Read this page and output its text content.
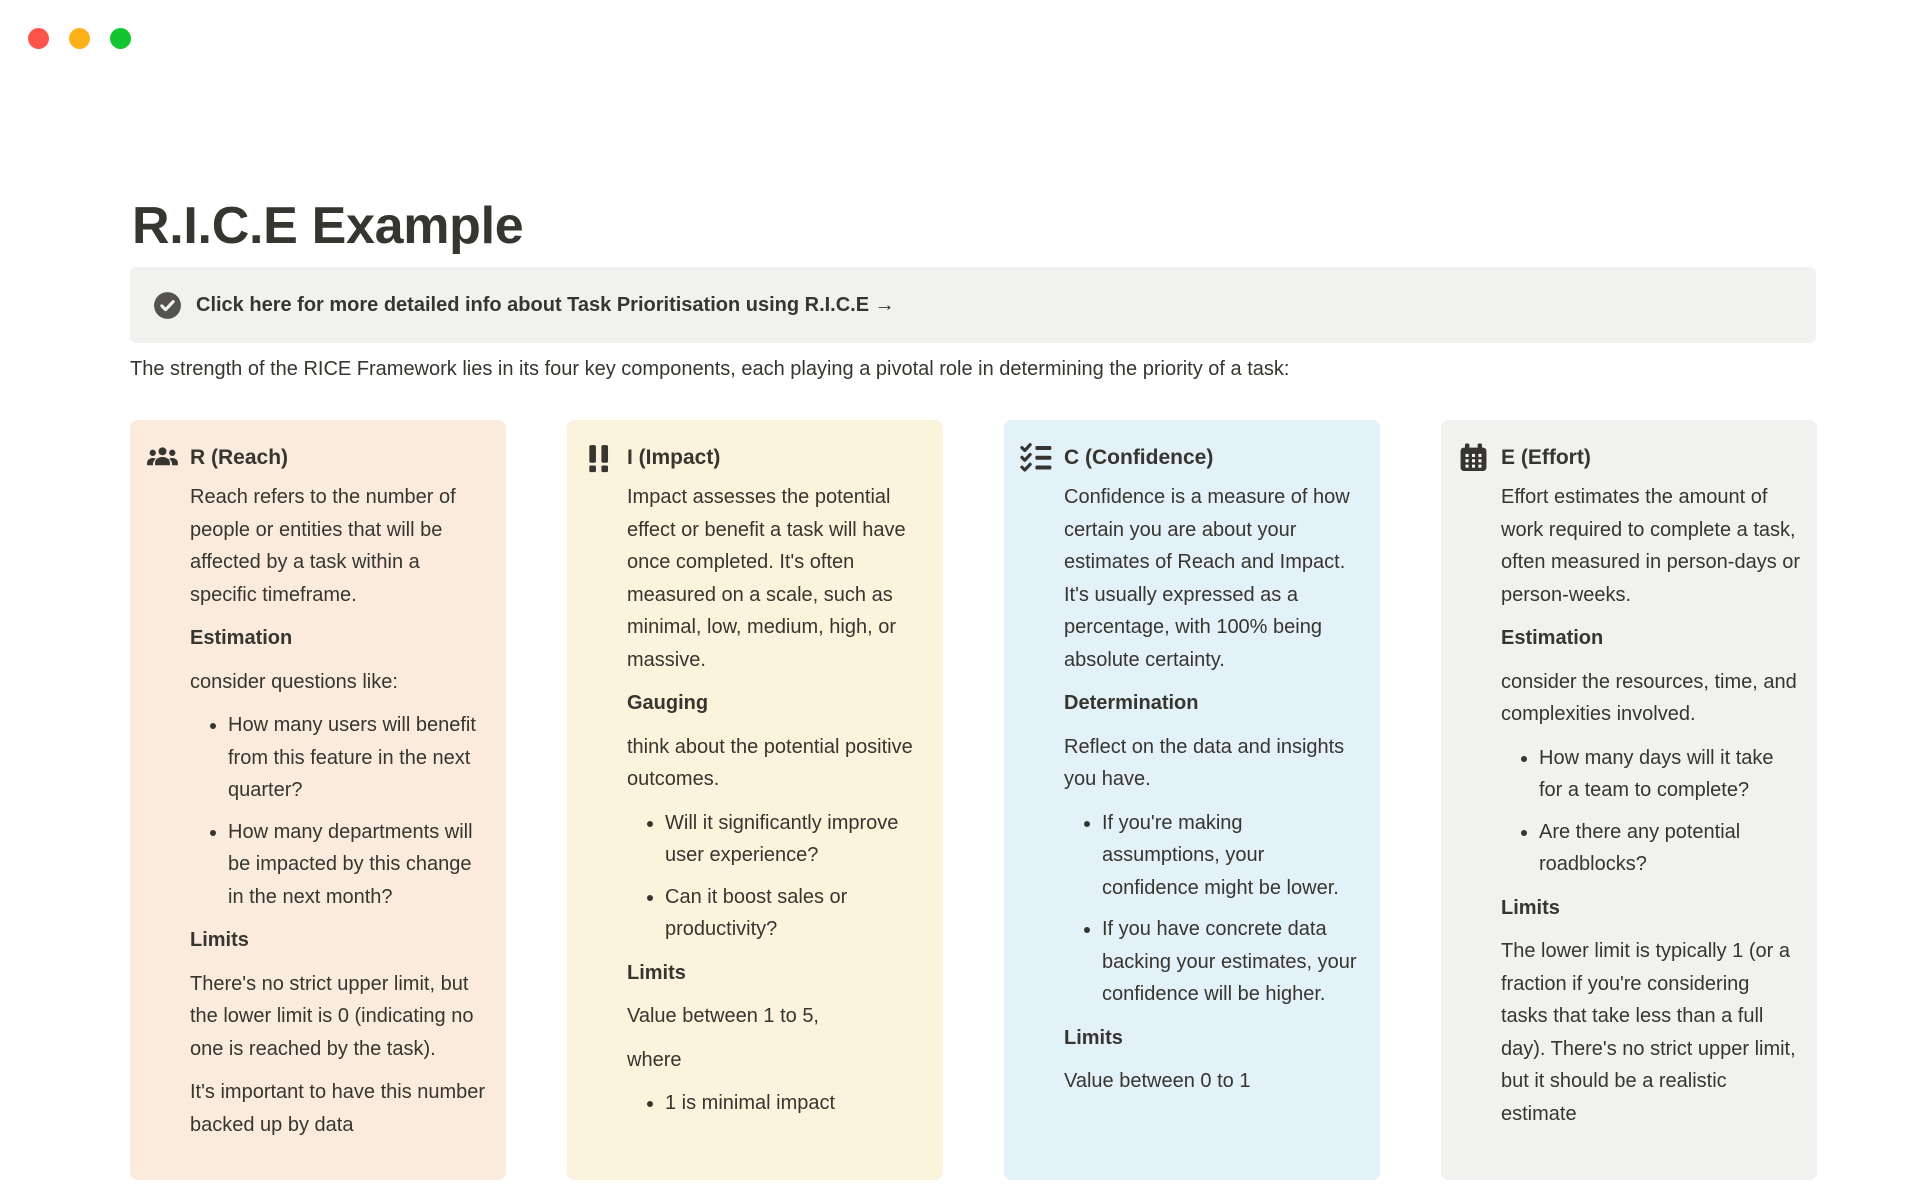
R.I.C.E Example
Click here for more detailed info about Task Prioritisation using R.I.C.E →

The strength of the RICE Framework lies in its four key components, each playing a pivotal role in determining the priority of a task:

R (Reach)
Reach refers to the number of people or entities that will be affected by a task within a specific timeframe.
Estimation
consider questions like:
• How many users will benefit from this feature in the next quarter?
• How many departments will be impacted by this change in the next month?
Limits
There's no strict upper limit, but the lower limit is 0 (indicating no one is reached by the task).
It's important to have this number backed up by data
I (Impact)
Impact assesses the potential effect or benefit a task will have once completed. It's often measured on a scale, such as minimal, low, medium, high, or massive.
Gauging
think about the potential positive outcomes.
• Will it significantly improve user experience?
• Can it boost sales or productivity?
Limits
Value between 1 to 5,
where
• 1 is minimal impact
C (Confidence)
Confidence is a measure of how certain you are about your estimates of Reach and Impact. It's usually expressed as a percentage, with 100% being absolute certainty.
Determination
Reflect on the data and insights you have.
• If you're making assumptions, your confidence might be lower.
• If you have concrete data backing your estimates, your confidence will be higher.
Limits
Value between 0 to 1
E (Effort)
Effort estimates the amount of work required to complete a task, often measured in person-days or person-weeks.
Estimation
consider the resources, time, and complexities involved.
• How many days will it take for a team to complete?
• Are there any potential roadblocks?
Limits
The lower limit is typically 1 (or a fraction if you're considering tasks that take less than a full day). There's no strict upper limit, but it should be a realistic estimate
